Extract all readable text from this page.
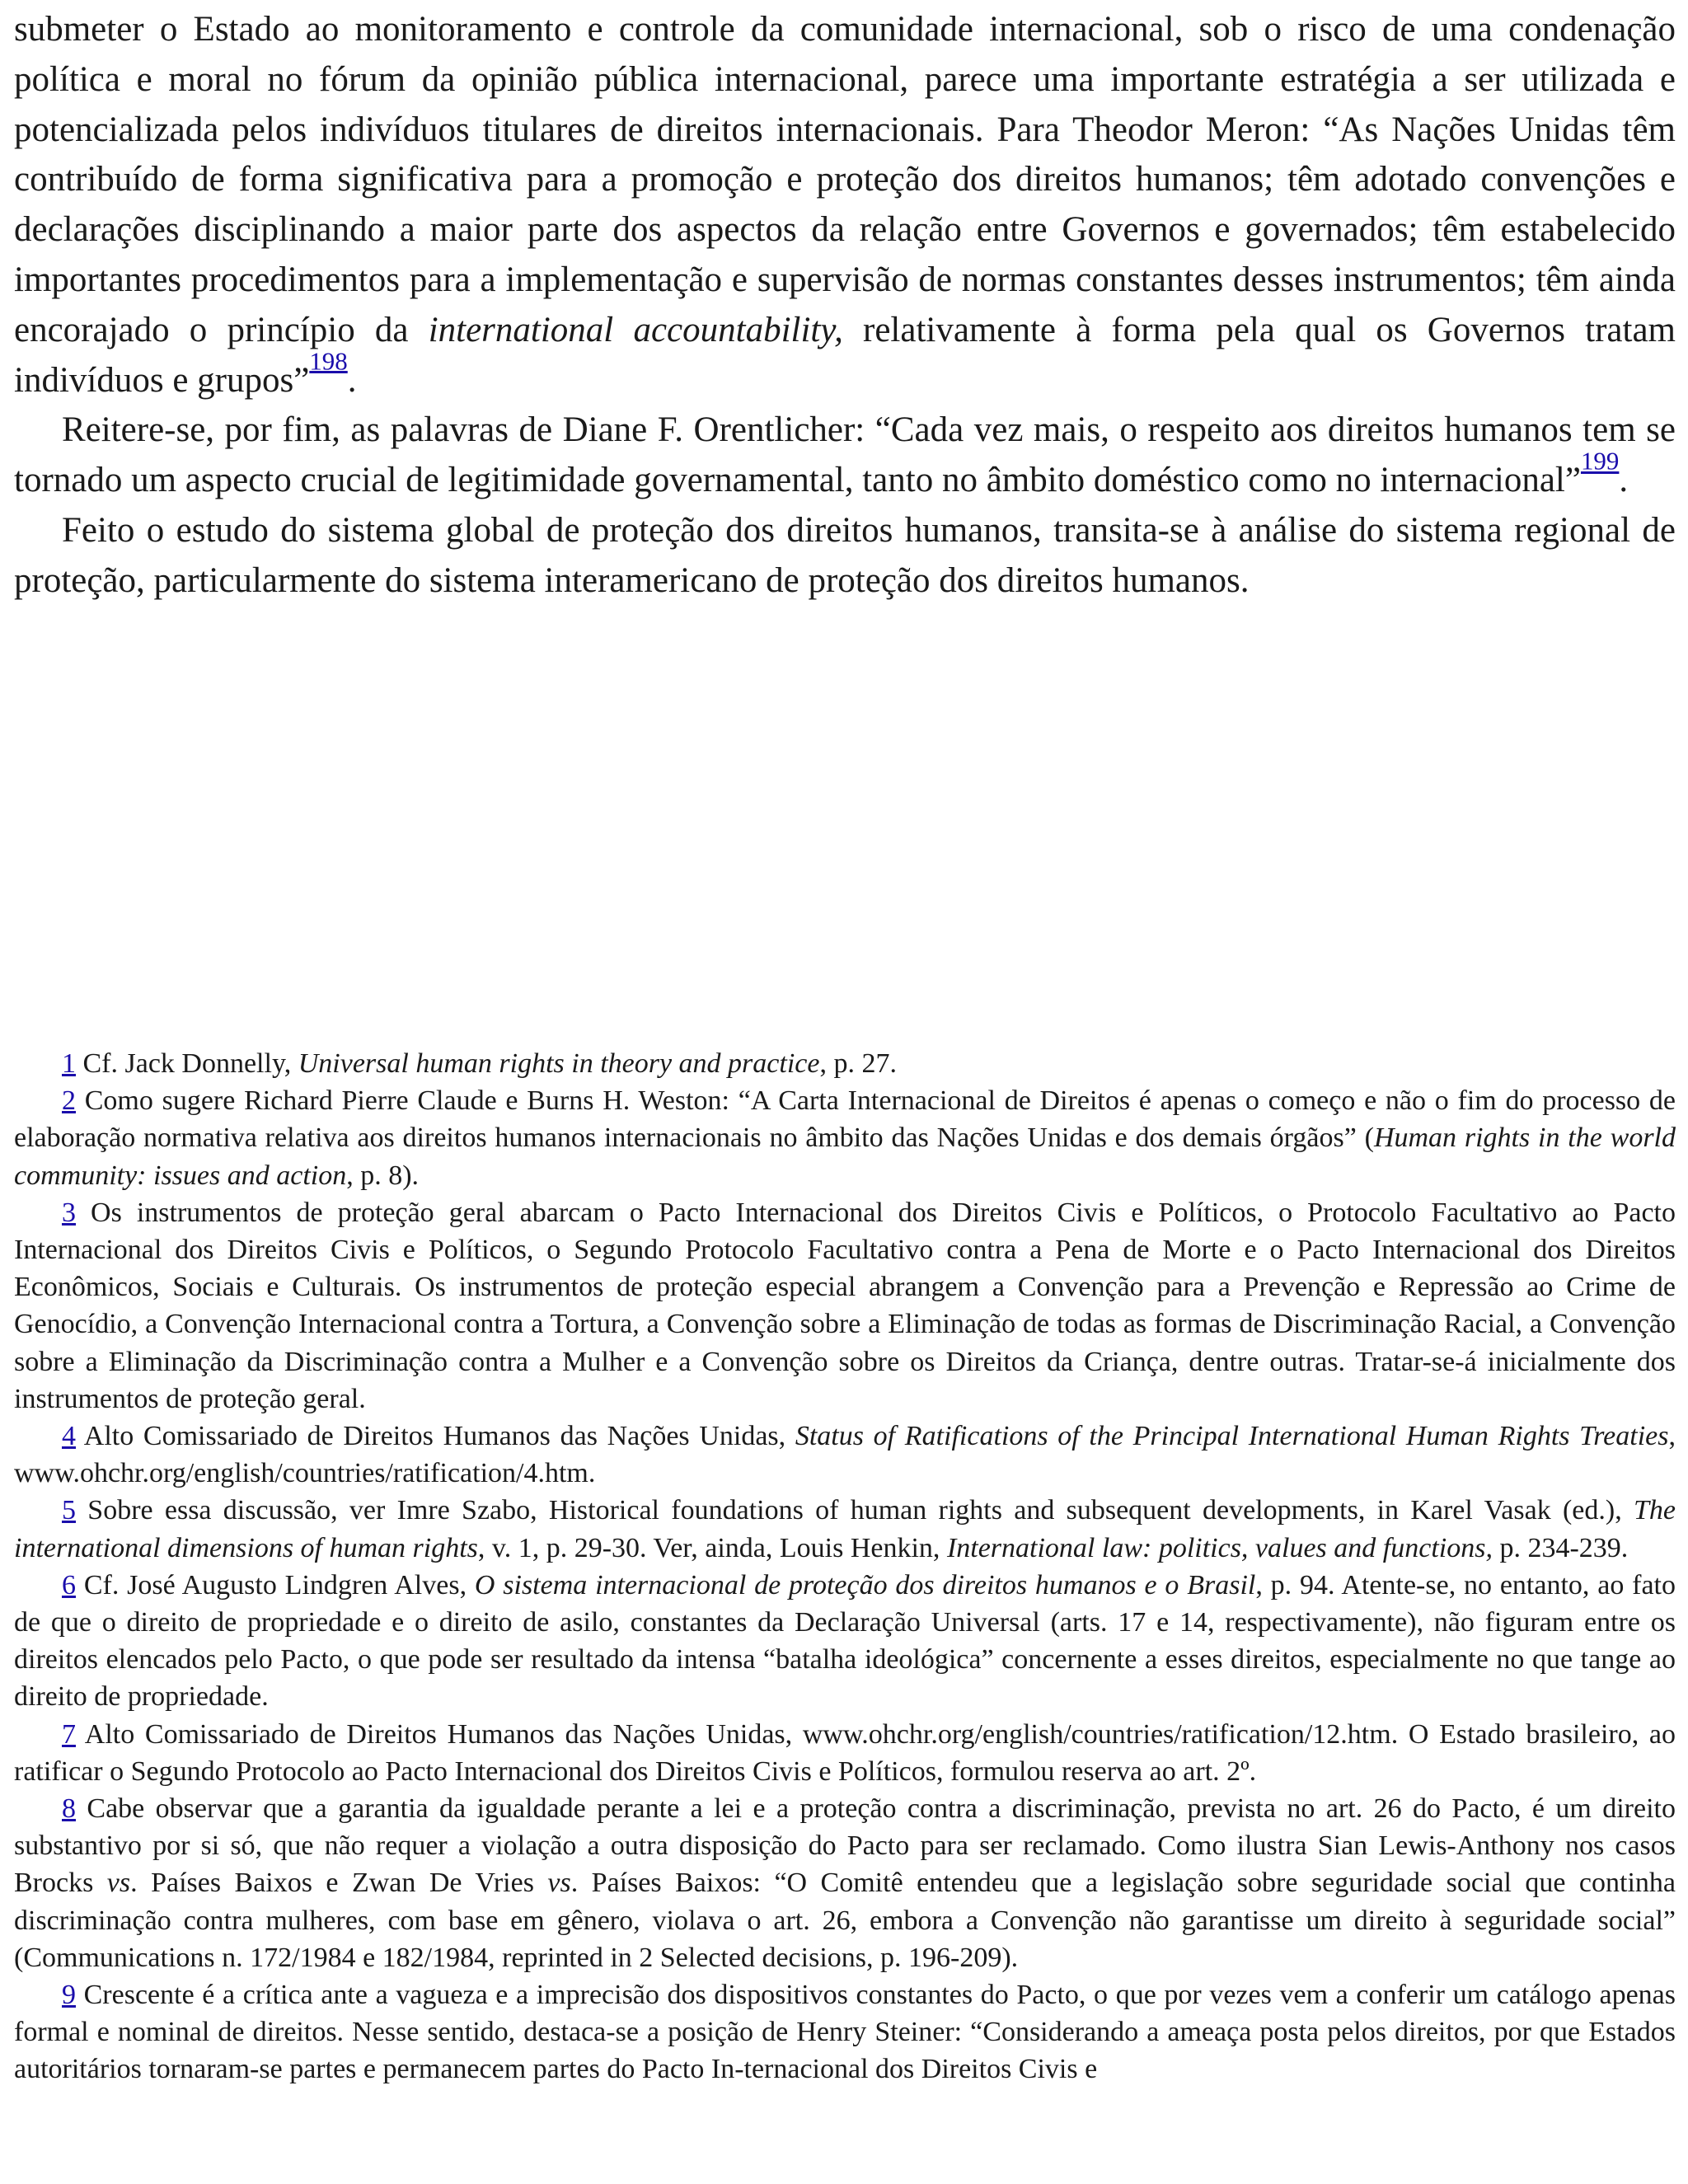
submeter o Estado ao monitoramento e controle da comunidade internacional, sob o risco de uma condenação política e moral no fórum da opinião pública internacional, parece uma importante estratégia a ser utilizada e potencializada pelos indivíduos titulares de direitos internacionais. Para Theodor Meron: “As Nações Unidas têm contribuído de forma significativa para a promoção e proteção dos direitos humanos; têm adotado convenções e declarações disciplinando a maior parte dos aspectos da relação entre Governos e governados; têm estabelecido importantes procedimentos para a implementação e supervisão de normas constantes desses instrumentos; têm ainda encorajado o princípio da international accountability, relativamente à forma pela qual os Governos tratam indivíduos e grupos”$^{198}$.

Reitere-se, por fim, as palavras de Diane F. Orentlicher: “Cada vez mais, o respeito aos direitos humanos tem se tornado um aspecto crucial de legitimidade governamental, tanto no âmbito doméstico como no internacional”$^{199}$.

Feito o estudo do sistema global de proteção dos direitos humanos, transita-se à análise do sistema regional de proteção, particularmente do sistema interamericano de proteção dos direitos humanos.

1 Cf. Jack Donnelly, Universal human rights in theory and practice, p. 27.

2 Como sugere Richard Pierre Claude e Burns H. Weston: “A Carta Internacional de Direitos é apenas o começo e não o fim do processo de elaboração normativa relativa aos direitos humanos internacionais no âmbito das Nações Unidas e dos demais órgãos” (Human rights in the world community: issues and action, p. 8).

3 Os instrumentos de proteção geral abarcam o Pacto Internacional dos Direitos Civis e Políticos, o Protocolo Facultativo ao Pacto Internacional dos Direitos Civis e Políticos, o Segundo Protocolo Facultativo contra a Pena de Morte e o Pacto Internacional dos Direitos Econômicos, Sociais e Culturais. Os instrumentos de proteção especial abrangem a Convenção para a Prevenção e Repressão ao Crime de Genocídio, a Convenção Internacional contra a Tortura, a Convenção sobre a Eliminação de todas as formas de Discriminação Racial, a Convenção sobre a Eliminação da Discriminação contra a Mulher e a Convenção sobre os Direitos da Criança, dentre outras. Tratar-se-á inicialmente dos instrumentos de proteção geral.

4 Alto Comissariado de Direitos Humanos das Nações Unidas, Status of Ratifications of the Principal International Human Rights Treaties, www.ohchr.org/english/countries/ratification/4.htm.

5 Sobre essa discussão, ver Imre Szabo, Historical foundations of human rights and subsequent developments, in Karel Vasak (ed.), The international dimensions of human rights, v. 1, p. 29-30. Ver, ainda, Louis Henkin, International law: politics, values and functions, p. 234-239.

6 Cf. José Augusto Lindgren Alves, O sistema internacional de proteção dos direitos humanos e o Brasil, p. 94. Atente-se, no entanto, ao fato de que o direito de propriedade e o direito de asilo, constantes da Declaração Universal (arts. 17 e 14, respectivamente), não figuram entre os direitos elencados pelo Pacto, o que pode ser resultado da intensa “batalha ideológica” concernente a esses direitos, especialmente no que tange ao direito de propriedade.

7 Alto Comissariado de Direitos Humanos das Nações Unidas, www.ohchr.org/english/countries/ratification/12.htm. O Estado brasileiro, ao ratificar o Segundo Protocolo ao Pacto Internacional dos Direitos Civis e Políticos, formulou reserva ao art. 2º.

8 Cabe observar que a garantia da igualdade perante a lei e a proteção contra a discriminação, prevista no art. 26 do Pacto, é um direito substantivo por si só, que não requer a violação a outra disposição do Pacto para ser reclamado. Como ilustra Sian Lewis-Anthony nos casos Brocks vs. Países Baixos e Zwan De Vries vs. Países Baixos: “O Comitê entendeu que a legislação sobre seguridade social que continha discriminação contra mulheres, com base em gênero, violava o art. 26, embora a Convenção não garantisse um direito à seguridade social” (Communications n. 172/1984 e 182/1984, reprinted in 2 Selected decisions, p. 196-209).

9 Crescente é a crítica ante a vagueza e a imprecisão dos dispositivos constantes do Pacto, o que por vezes vem a conferir um catálogo apenas formal e nominal de direitos. Nesse sentido, destaca-se a posição de Henry Steiner: “Considerando a ameaça posta pelos direitos, por que Estados autoritários tornaram-se partes e permanecem partes do Pacto In-ternacional dos Direitos Civis e
